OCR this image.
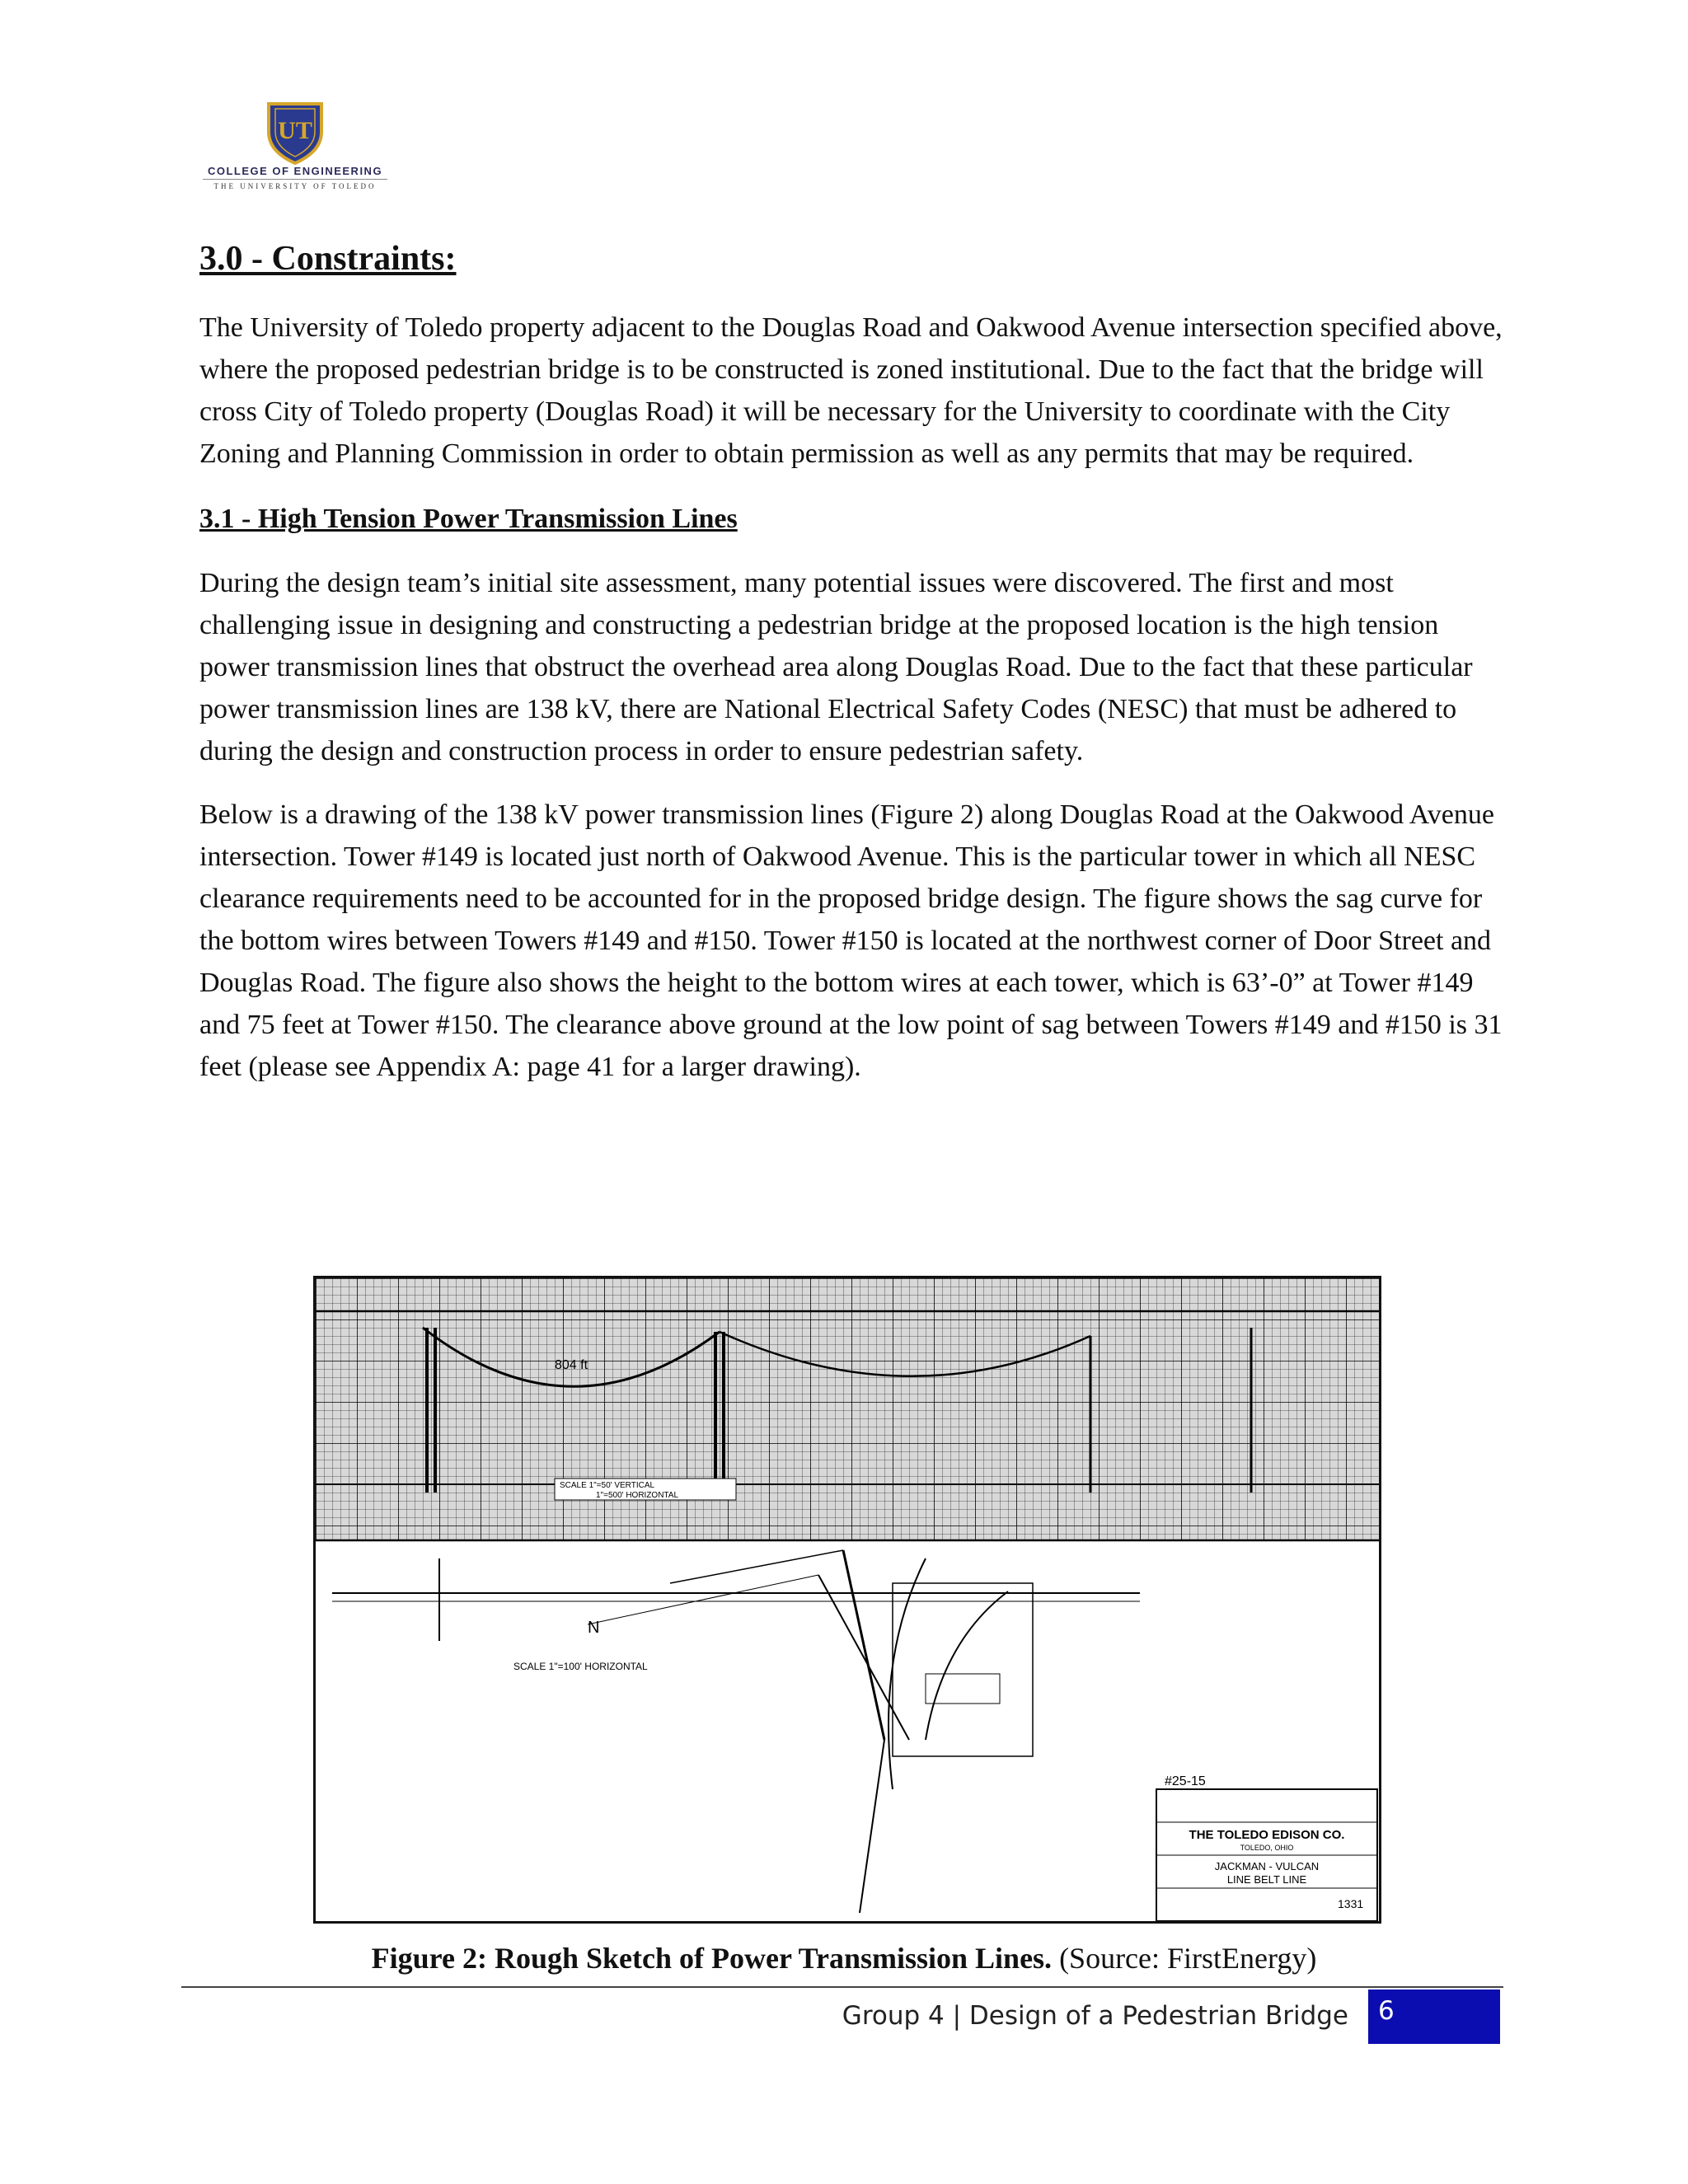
UT
COLLEGE OF ENGINEERING
THE UNIVERSITY OF TOLEDO
3.0 - Constraints:

The University of Toledo property adjacent to the Douglas Road and Oakwood Avenue intersection specified above, where the proposed pedestrian bridge is to be constructed is zoned institutional. Due to the fact that the bridge will cross City of Toledo property (Douglas Road) it will be necessary for the University to coordinate with the City Zoning and Planning Commission in order to obtain permission as well as any permits that may be required.

3.1 - High Tension Power Transmission Lines

During the design team’s initial site assessment, many potential issues were discovered. The first and most challenging issue in designing and constructing a pedestrian bridge at the proposed location is the high tension power transmission lines that obstruct the overhead area along Douglas Road. Due to the fact that these particular power transmission lines are 138 kV, there are National Electrical Safety Codes (NESC) that must be adhered to during the design and construction process in order to ensure pedestrian safety.

Below is a drawing of the 138 kV power transmission lines (Figure 2) along Douglas Road at the Oakwood Avenue intersection. Tower #149 is located just north of Oakwood Avenue. This is the particular tower in which all NESC clearance requirements need to be accounted for in the proposed bridge design. The figure shows the sag curve for the bottom wires between Towers #149 and #150. Tower #150 is located at the northwest corner of Door Street and Douglas Road. The figure also shows the height to the bottom wires at each tower, which is 63’-0” at Tower #149 and 75 feet at Tower #150. The clearance above ground at the low point of sag between Towers #149 and #150 is 31 feet (please see Appendix A: page 41 for a larger drawing).

804 ft
SCALE 1"=50' VERTICAL
1"=500' HORIZONTAL
N
SCALE 1"=100' HORIZONTAL
#25-15
THE TOLEDO EDISON CO.
TOLEDO, OHIO
JACKMAN - VULCAN
LINE BELT LINE
1331
Figure 2: Rough Sketch of Power Transmission Lines. (Source: FirstEnergy)
Group 4 | Design of a Pedestrian Bridge 6
